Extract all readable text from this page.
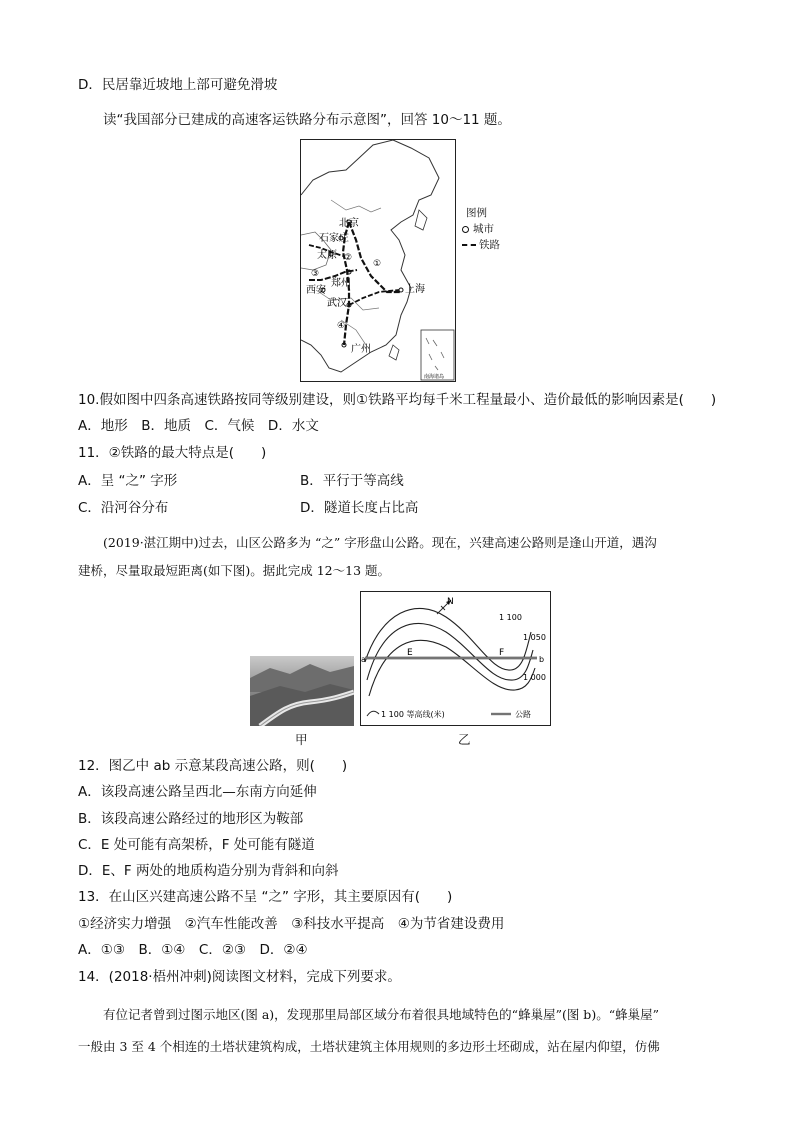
D．民居靠近坡地上部可避免滑坡
读“我国部分已建成的高速客运铁路分布示意图”，回答 10～11 题。
北京
石家庄
太原
郑州
西安
武汉
上海
广州
②
①
③
④
南海诸岛
图例
城市
铁路
10.假如图中四条高速铁路按同等级别建设，则①铁路平均每千米工程量最小、造价最低的影响因素是(　　)
A．地形　B．地质　C．气候　D．水文
11．②铁路的最大特点是(　　)
A．呈 “之” 字形	B．平行于等高线
C．沿河谷分布	D．隧道长度占比高
(2019·湛江期中)过去，山区公路多为 “之” 字形盘山公路。现在，兴建高速公路则是逢山开道，遇沟
建桥，尽量取最短距离(如下图)。据此完成 12～13 题。
甲
N
a
E	F
b
1 100
1 050
1 000
1 100 等高线(米)	公路
乙
12．图乙中 ab 示意某段高速公路，则(　　)
A．该段高速公路呈西北—东南方向延伸
B．该段高速公路经过的地形区为鞍部
C．E 处可能有高架桥，F 处可能有隧道
D．E、F 两处的地质构造分别为背斜和向斜
13．在山区兴建高速公路不呈 “之” 字形，其主要原因有(　　)
①经济实力增强　②汽车性能改善　③科技水平提高　④为节省建设费用
A．①③　B．①④　C．②③　D．②④
14．(2018·梧州冲刺)阅读图文材料，完成下列要求。
有位记者曾到过图示地区(图 a)，发现那里局部区域分布着很具地域特色的“蜂巢屋”(图 b)。“蜂巢屋”
一般由 3 至 4 个相连的土塔状建筑构成，土塔状建筑主体用规则的多边形土坯砌成，站在屋内仰望，仿佛
